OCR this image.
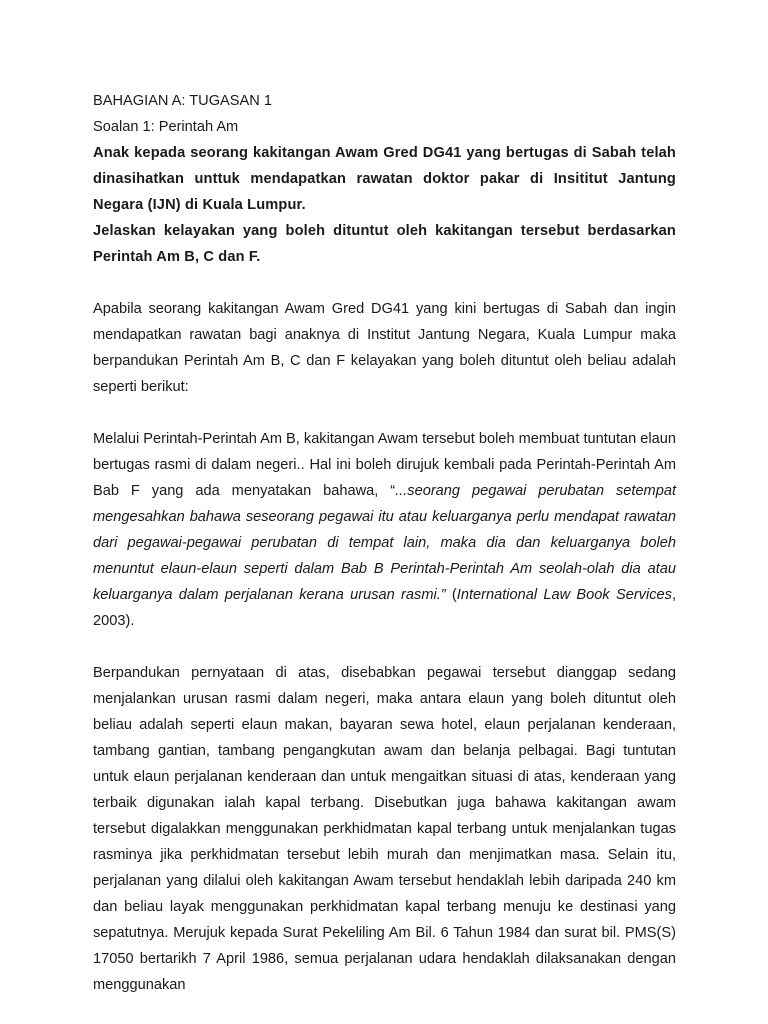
BAHAGIAN A: TUGASAN 1

Soalan 1: Perintah Am

Anak kepada seorang kakitangan Awam Gred DG41 yang bertugas di Sabah telah dinasihatkan unttuk mendapatkan rawatan doktor pakar di Insititut Jantung Negara (IJN) di Kuala Lumpur.

Jelaskan kelayakan yang boleh dituntut oleh kakitangan tersebut berdasarkan Perintah Am B, C dan F.

Apabila seorang kakitangan Awam Gred DG41 yang kini bertugas di Sabah dan ingin mendapatkan rawatan bagi anaknya di Institut Jantung Negara, Kuala Lumpur maka berpandukan Perintah Am B, C dan F kelayakan yang boleh dituntut oleh beliau adalah seperti berikut:

Melalui Perintah-Perintah Am B, kakitangan Awam tersebut boleh membuat tuntutan elaun bertugas rasmi di dalam negeri.. Hal ini boleh dirujuk kembali pada Perintah-Perintah Am Bab F yang ada menyatakan bahawa, “...seorang pegawai perubatan setempat mengesahkan bahawa seseorang pegawai itu atau keluarganya perlu mendapat rawatan dari pegawai-pegawai perubatan di tempat lain, maka dia dan keluarganya boleh menuntut elaun-elaun seperti dalam Bab B Perintah-Perintah Am seolah-olah dia atau keluarganya dalam perjalanan kerana urusan rasmi.” (International Law Book Services, 2003).

Berpandukan pernyataan di atas, disebabkan pegawai tersebut dianggap sedang menjalankan urusan rasmi dalam negeri, maka antara elaun yang boleh dituntut oleh beliau adalah seperti elaun makan, bayaran sewa hotel, elaun perjalanan kenderaan, tambang gantian, tambang pengangkutan awam dan belanja pelbagai. Bagi tuntutan untuk elaun perjalanan kenderaan dan untuk mengaitkan situasi di atas, kenderaan yang terbaik digunakan ialah kapal terbang. Disebutkan juga bahawa kakitangan awam tersebut digalakkan menggunakan perkhidmatan kapal terbang untuk menjalankan tugas rasminya jika perkhidmatan tersebut lebih murah dan menjimatkan masa. Selain itu, perjalanan yang dilalui oleh kakitangan Awam tersebut hendaklah lebih daripada 240 km dan beliau layak menggunakan perkhidmatan kapal terbang menuju ke destinasi yang sepatutnya. Merujuk kepada Surat Pekeliling Am Bil. 6 Tahun 1984 dan surat bil. PMS(S) 17050 bertarikh 7 April 1986, semua perjalanan udara hendaklah dilaksanakan dengan menggunakan
